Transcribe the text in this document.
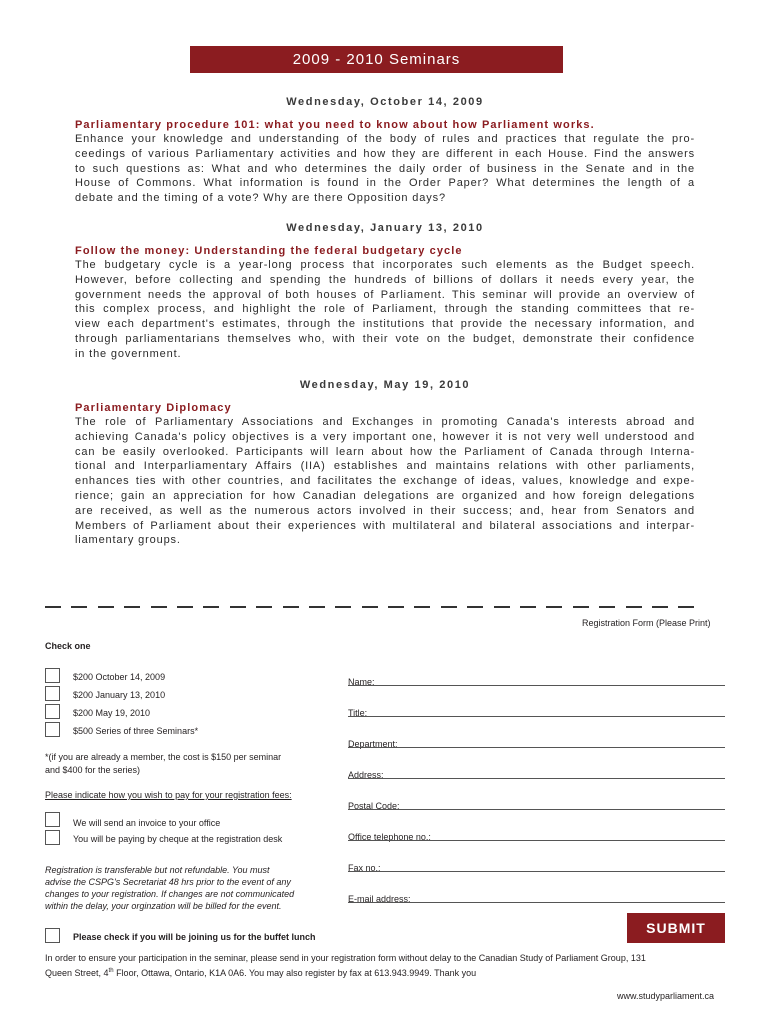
2009 - 2010 Seminars
Wednesday, October 14, 2009
Parliamentary procedure 101: what you need to know about how Parliament works.
Enhance your knowledge and understanding of the body of rules and practices that regulate the pro-
ceedings of various Parliamentary activities and how they are different in each House. Find the answers
to such questions as: What and who determines the daily order of business in the Senate and in the
House of Commons. What information is found in the Order Paper? What determines the length of a
debate and the timing of a vote? Why are there Opposition days?
Wednesday, January 13, 2010
Follow the money: Understanding the federal budgetary cycle
The budgetary cycle is a year-long process that incorporates such elements as the Budget speech.
However, before collecting and spending the hundreds of billions of dollars it needs every year, the
government needs the approval of both houses of Parliament. This seminar will provide an overview of
this complex process, and highlight the role of Parliament, through the standing committees that re-
view each department's estimates, through the institutions that provide the necessary information, and
through parliamentarians themselves who, with their vote on the budget, demonstrate their confidence
in the government.
Wednesday, May 19, 2010
Parliamentary Diplomacy
The role of Parliamentary Associations and Exchanges in promoting Canada's interests abroad and
achieving Canada's policy objectives is a very important one, however it is not very well understood and
can be easily overlooked. Participants will learn about how the Parliament of Canada through Interna-
tional and Interparliamentary Affairs (IIA) establishes and maintains relations with other parliaments,
enhances ties with other countries, and facilitates the exchange of ideas, values, knowledge and expe-
rience; gain an appreciation for how Canadian delegations are organized and how foreign delegations
are received, as well as the numerous actors involved in their success; and, hear from Senators and
Members of Parliament about their experiences with multilateral and bilateral associations and interpar-
liamentary groups.
Registration Form (Please Print)
Check one
$200 October 14, 2009
$200 January 13, 2010
$200 May 19, 2010
$500 Series of three Seminars*
*(if you are already a member, the cost is $150 per seminar
and $400 for the series)
Please indicate how you wish to pay for your registration fees:
We will send an invoice to your office
You will be paying by cheque at the registration desk
Registration is transferable but not refundable. You must
advise the CSPG's Secretariat 48 hrs prior to the event of any
changes to your registration. If changes are not communicated
within the delay, your orginzation will be billed for the event.
Name:
Title:
Department:
Address:
Postal Code:
Office telephone no.:
Fax no.:
E-mail address:
SUBMIT
Please check if you will be joining us for the buffet lunch
In order to ensure your participation in the seminar, please send in your registration form without delay to the Canadian Study of Parliament Group, 131
Queen Street, 4th Floor, Ottawa, Ontario, K1A 0A6. You may also register by fax at 613.943.9949. Thank you
www.studyparliament.ca
